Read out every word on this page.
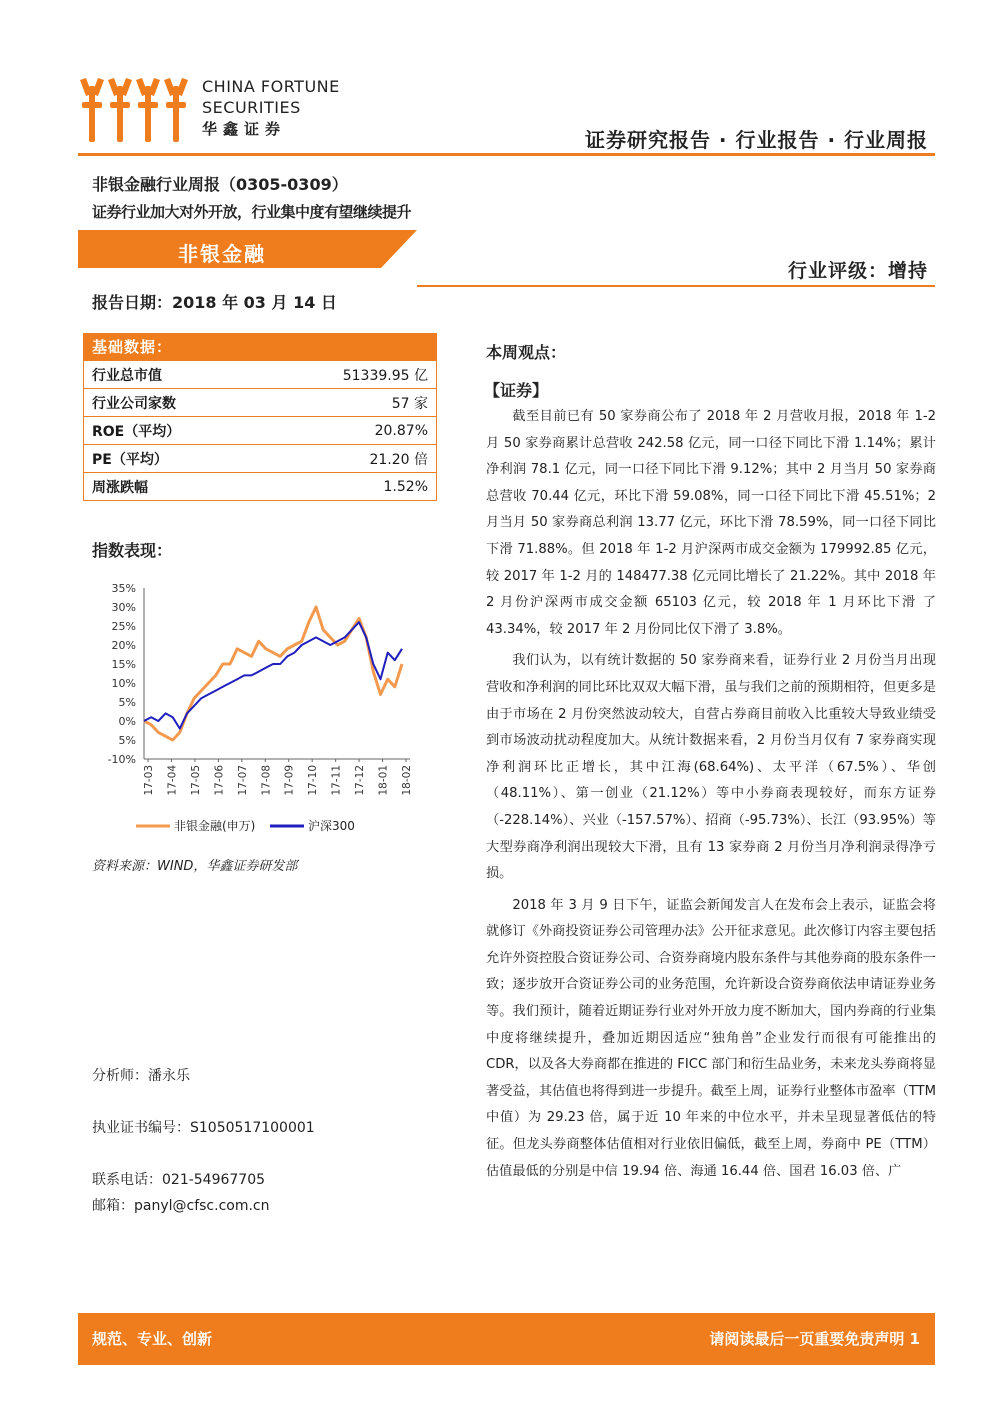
CHINA FORTUNE
SECURITIES
华鑫证券	证券研究报告 · 行业报告 · 行业周报
非银金融行业周报（0305-0309）
证券行业加大对外开放，行业集中度有望继续提升
非银金融
行业评级：增持
报告日期：2018 年 03 月 14 日
基础数据：
行业总市值	51339.95 亿
行业公司家数	57 家
ROE（平均）	20.87%
PE（平均）	21.20 倍
周涨跌幅	1.52%
指数表现：
35%
30%
25%
20%
15%
10%
5%
0%
5%
-10%
17-03 17-04 17-05 17-06 17-07 17-08 17-09 17-10 17-11 17-12 18-01 18-02
非银金融(申万)	沪深300
资料来源：WIND，华鑫证券研发部
分析师：潘永乐
执业证书编号：S1050517100001
联系电话：021-54967705
邮箱：panyl@cfsc.com.cn
本周观点：
【证券】

截至目前已有 50 家券商公布了 2018 年 2 月营收月报，2018 年 1-2 月 50 家券商累计总营收 242.58 亿元，同一口径下同比下滑 1.14%；累计净利润 78.1 亿元，同一口径下同比下滑 9.12%；其中 2 月当月 50 家券商总营收 70.44 亿元，环比下滑 59.08%，同一口径下同比下滑 45.51%；2 月当月 50 家券商总利润 13.77 亿元，环比下滑 78.59%，同一口径下同比下滑 71.88%。但 2018 年 1-2 月沪深两市成交金额为 179992.85 亿元，较 2017 年 1-2 月的 148477.38 亿元同比增长了 21.22%。其中 2018 年 2 月份沪深两市成交金额 65103 亿元，较 2018 年 1 月环比下滑 了 43.34%，较 2017 年 2 月份同比仅下滑了 3.8%。

我们认为，以有统计数据的 50 家券商来看，证券行业 2 月份当月出现营收和净利润的同比环比双双大幅下滑，虽与我们之前的预期相符，但更多是由于市场在 2 月份突然波动较大，自营占券商目前收入比重较大导致业绩受到市场波动扰动程度加大。从统计数据来看，2 月份当月仅有 7 家券商实现净利润环比正增长，其中江海(68.64%)、太平洋（67.5%）、华创（48.11%）、第一创业（21.12%）等中小券商表现较好，而东方证券（-228.14%）、兴业（-157.57%）、招商（-95.73%）、长江（93.95%）等大型券商净利润出现较大下滑，且有 13 家券商 2 月份当月净利润录得净亏损。

2018 年 3 月 9 日下午，证监会新闻发言人在发布会上表示，证监会将就修订《外商投资证券公司管理办法》公开征求意见。此次修订内容主要包括允许外资控股合资证券公司、合资券商境内股东条件与其他券商的股东条件一致；逐步放开合资证券公司的业务范围，允许新设合资券商依法申请证券业务等。我们预计，随着近期证券行业对外开放力度不断加大，国内券商的行业集中度将继续提升，叠加近期因适应“独角兽”企业发行而很有可能推出的 CDR，以及各大券商都在推进的 FICC 部门和衍生品业务，未来龙头券商将显著受益，其估值也将得到进一步提升。截至上周，证券行业整体市盈率（TTM 中值）为 29.23 倍，属于近 10 年来的中位水平，并未呈现显著低估的特征。但龙头券商整体估值相对行业依旧偏低，截至上周，券商中 PE（TTM）估值最低的分别是中信 19.94 倍、海通 16.44 倍、国君 16.03 倍、广

规范、专业、创新	请阅读最后一页重要免责声明 1
